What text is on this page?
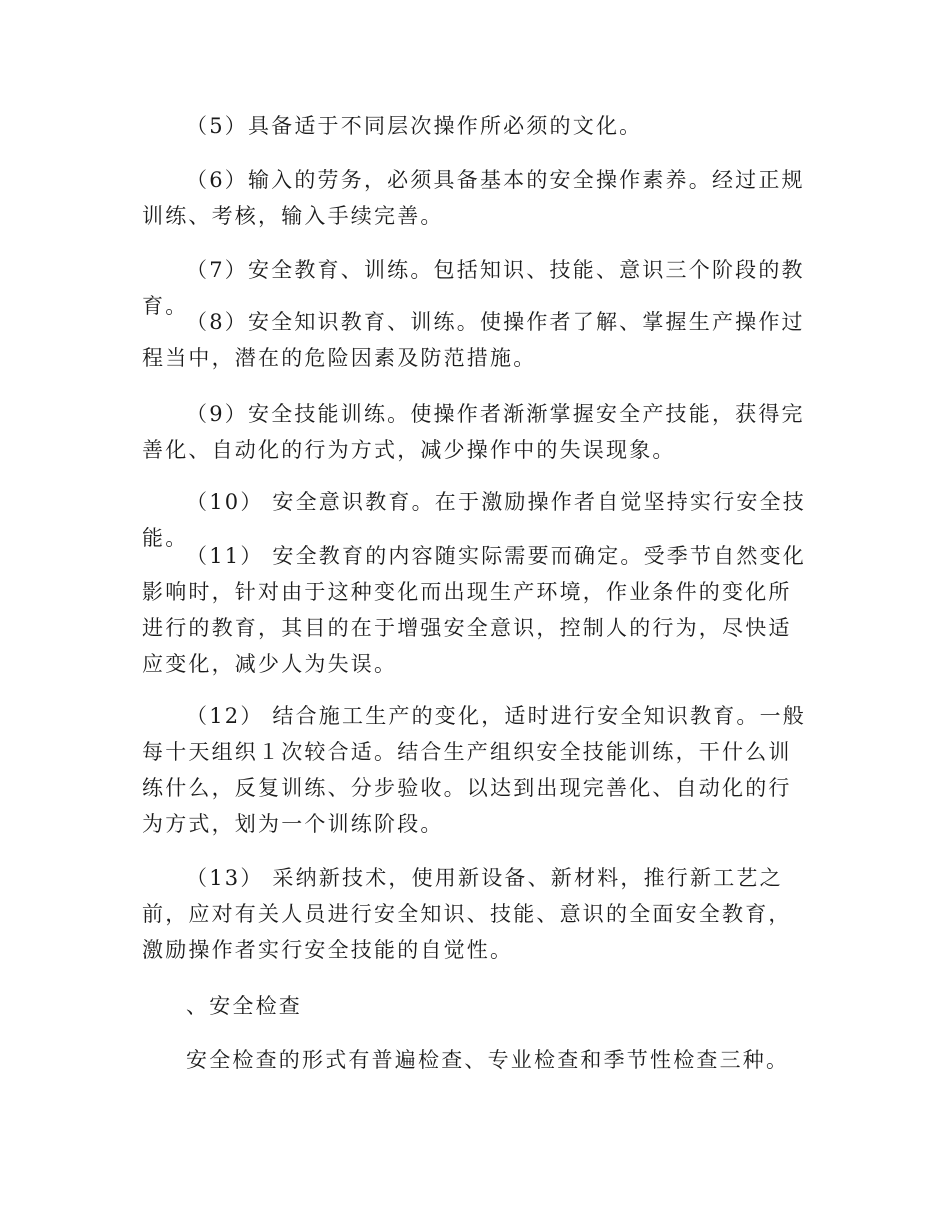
（5）具备适于不同层次操作所必须的文化。

（6）输入的劳务，必须具备基本的安全操作素养。经过正规训练、考核，输入手续完善。

（7）安全教育、训练。包括知识、技能、意识三个阶段的教育。

（8）安全知识教育、训练。使操作者了解、掌握生产操作过程当中，潜在的危险因素及防范措施。

（9）安全技能训练。使操作者渐渐掌握安全产技能，获得完善化、自动化的行为方式，减少操作中的失误现象。

（10） 安全意识教育。在于激励操作者自觉坚持实行安全技能。

（11） 安全教育的内容随实际需要而确定。受季节自然变化影响时，针对由于这种变化而出现生产环境，作业条件的变化所进行的教育，其目的在于增强安全意识，控制人的行为，尽快适应变化，减少人为失误。

（12） 结合施工生产的变化，适时进行安全知识教育。一般每十天组织１次较合适。结合生产组织安全技能训练，干什么训练什么，反复训练、分步验收。以达到出现完善化、自动化的行为方式，划为一个训练阶段。

（13） 采纳新技术，使用新设备、新材料，推行新工艺之前，应对有关人员进行安全知识、技能、意识的全面安全教育，激励操作者实行安全技能的自觉性。

、安全检查

安全检查的形式有普遍检查、专业检查和季节性检查三种。
